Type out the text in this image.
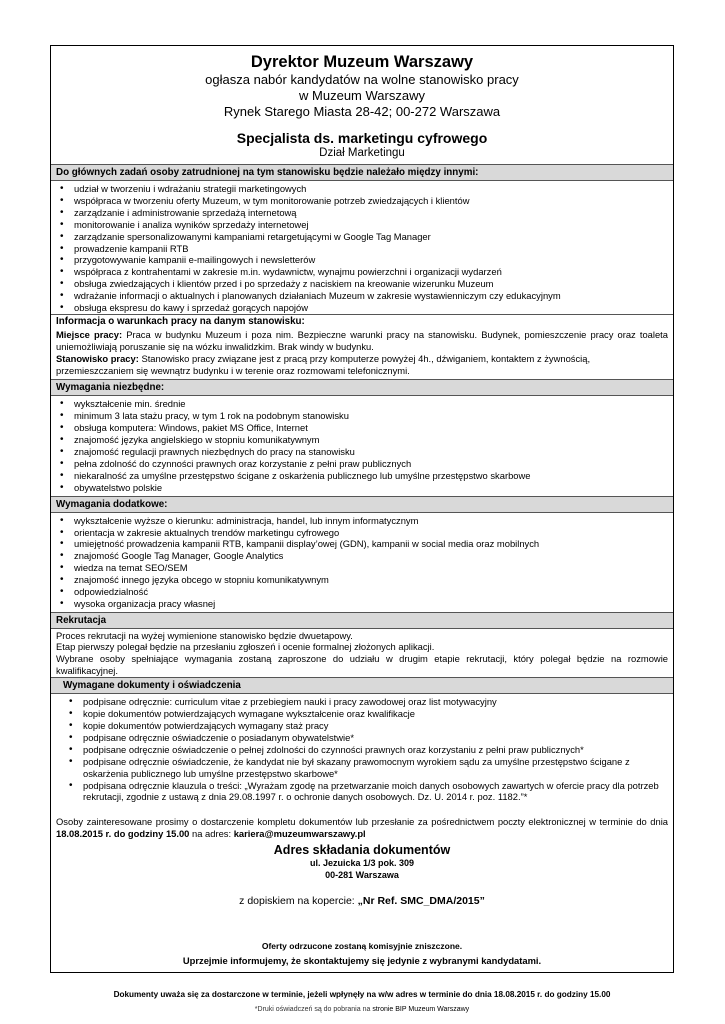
Dyrektor Muzeum Warszawy
ogłasza nabór kandydatów na wolne stanowisko pracy
w Muzeum Warszawy
Rynek Starego Miasta 28-42; 00-272 Warszawa
Specjalista ds. marketingu cyfrowego
Dział Marketingu
Do głównych zadań osoby zatrudnionej na tym stanowisku będzie należało między innymi:
• udział w tworzeniu i wdrażaniu strategii marketingowych
• współpraca w tworzeniu oferty Muzeum, w tym monitorowanie potrzeb zwiedzających i klientów
• zarządzanie i administrowanie sprzedażą internetową
• monitorowanie i analiza wyników sprzedaży internetowej
• zarządzanie spersonalizowanymi kampaniami retargetującymi w Google Tag Manager
• prowadzenie kampanii RTB
• przygotowywanie kampanii e-mailingowych i newsletterów
• współpraca z kontrahentami w zakresie m.in. wydawnictw, wynajmu powierzchni i organizacji wydarzeń
• obsługa zwiedzających i klientów przed i po sprzedaży z naciskiem na kreowanie wizerunku Muzeum
• wdrażanie informacji o aktualnych i planowanych działaniach Muzeum w zakresie wystawienniczym czy edukacyjnym
• obsługa ekspresu do kawy i sprzedaż gorących napojów
Informacja o warunkach pracy na danym stanowisku:
Miejsce pracy: Praca w budynku Muzeum i poza nim. Bezpieczne warunki pracy na stanowisku. Budynek, pomieszczenie pracy oraz toaleta uniemożliwiają poruszanie się na wózku inwalidzkim. Brak windy w budynku.
Stanowisko pracy: Stanowisko pracy związane jest z pracą przy komputerze powyżej 4h., dźwiganiem, kontaktem z żywnością, przemieszczaniem się wewnątrz budynku i w terenie oraz rozmowami telefonicznymi.
Wymagania niezbędne:
• wykształcenie min. średnie
• minimum 3 lata stażu pracy, w tym 1 rok na podobnym stanowisku
• obsługa komputera: Windows, pakiet MS Office, Internet
• znajomość języka angielskiego w stopniu komunikatywnym
• znajomość regulacji prawnych niezbędnych do pracy na stanowisku
• pełna zdolność do czynności prawnych oraz korzystanie z pełni praw publicznych
• niekaralność za umyślne przestępstwo ścigane z oskarżenia publicznego lub umyślne przestępstwo skarbowe
• obywatelstwo polskie
Wymagania dodatkowe:
• wykształcenie wyższe o kierunku: administracja, handel, lub innym informatycznym
• orientacja w zakresie aktualnych trendów marketingu cyfrowego
• umiejętność prowadzenia kampanii RTB, kampanii display’owej (GDN), kampanii w social media oraz mobilnych
• znajomość Google Tag Manager, Google Analytics
• wiedza na temat SEO/SEM
• znajomość innego języka obcego w stopniu komunikatywnym
• odpowiedzialność
• wysoka organizacja pracy własnej
Rekrutacja
Proces rekrutacji na wyżej wymienione stanowisko będzie dwuetapowy.
Etap pierwszy polegał będzie na przesłaniu zgłoszeń i ocenie formalnej złożonych aplikacji.
Wybrane osoby spełniające wymagania zostaną zaproszone do udziału w drugim etapie rekrutacji, który polegał będzie na rozmowie kwalifikacyjnej.
Wymagane dokumenty i oświadczenia
• podpisane odręcznie: curriculum vitae z przebiegiem nauki i pracy zawodowej oraz list motywacyjny
• kopie dokumentów potwierdzających wymagane wykształcenie oraz kwalifikacje
• kopie dokumentów potwierdzających wymagany staż pracy
• podpisane odręcznie oświadczenie o posiadanym obywatelstwie*
• podpisane odręcznie oświadczenie o pełnej zdolności do czynności prawnych oraz korzystaniu z pełni praw publicznych*
• podpisane odręcznie oświadczenie, że kandydat nie był skazany prawomocnym wyrokiem sądu za umyślne przestępstwo ścigane z oskarżenia publicznego lub umyślne przestępstwo skarbowe*
• podpisana odręcznie klauzula o treści: „Wyrażam zgodę na przetwarzanie moich danych osobowych zawartych w ofercie pracy dla potrzeb rekrutacji, zgodnie z ustawą z dnia 29.08.1997 r. o ochronie danych osobowych. Dz. U. 2014 r. poz. 1182.”*
Osoby zainteresowane prosimy o dostarczenie kompletu dokumentów lub przesłanie za pośrednictwem poczty elektronicznej w terminie do dnia 18.08.2015 r. do godziny 15.00 na adres: kariera@muzeumwarszawy.pl
Adres składania dokumentów
ul. Jezuicka 1/3 pok. 309
00-281 Warszawa
z dopiskiem na kopercie: „Nr Ref. SMC_DMA/2015”
Oferty odrzucone zostaną komisyjnie zniszczone.
Uprzejmie informujemy, że skontaktujemy się jedynie z wybranymi kandydatami.
Dokumenty uważa się za dostarczone w terminie, jeżeli wpłynęły na w/w adres w terminie do dnia 18.08.2015 r. do godziny 15.00
*Druki oświadczeń są do pobrania na stronie BIP Muzeum Warszawy
